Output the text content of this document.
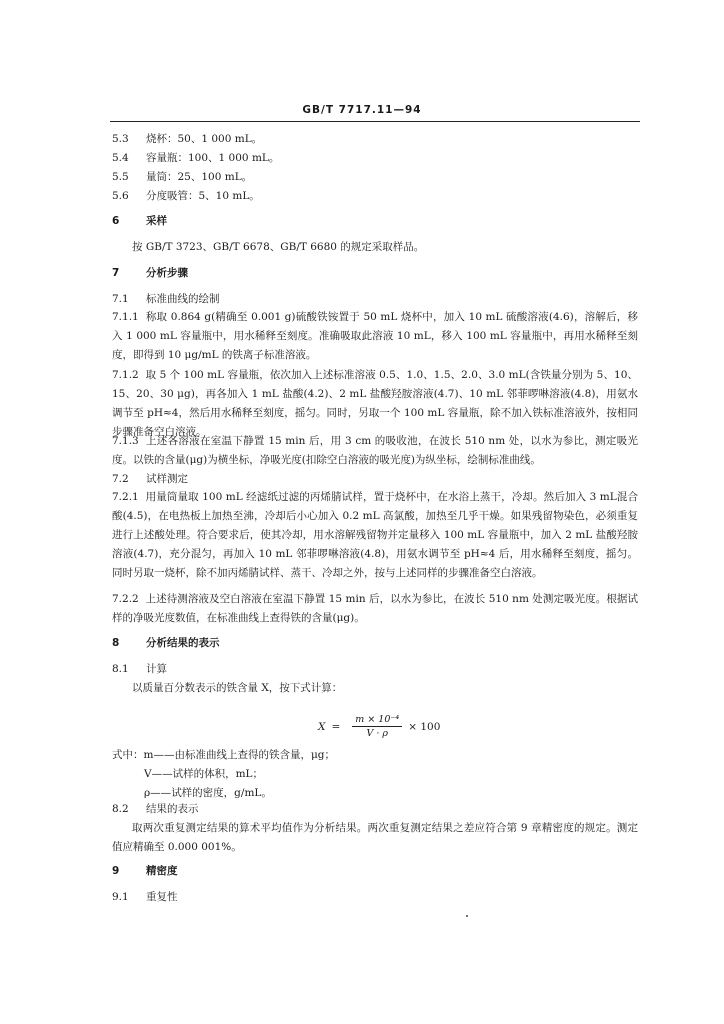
GB/T 7717.11—94
5.3 烧杯：50、1 000 mL。
5.4 容量瓶：100、1 000 mL。
5.5 量筒：25、100 mL。
5.6 分度吸管：5、10 mL。
6	采样
按 GB/T 3723、GB/T 6678、GB/T 6680 的规定采取样品。
7	分析步骤
7.1 标准曲线的绘制
7.1.1 称取 0.864 g(精确至 0.001 g)硫酸铁铵置于 50 mL 烧杯中，加入 10 mL 硫酸溶液(4.6)，溶解后，移入 1 000 mL 容量瓶中，用水稀释至刻度。准确吸取此溶液 10 mL，移入 100 mL 容量瓶中，再用水稀释至刻度，即得到 10 μg/mL 的铁离子标准溶液。
7.1.2 取 5 个 100 mL 容量瓶，依次加入上述标准溶液 0.5、1.0、1.5、2.0、3.0 mL(含铁量分别为 5、10、15、20、30 μg)，再各加入 1 mL 盐酸(4.2)、2 mL 盐酸羟胺溶液(4.7)、10 mL 邻菲啰啉溶液(4.8)，用氨水调节至 pH≈4，然后用水稀释至刻度，摇匀。同时，另取一个 100 mL 容量瓶，除不加入铁标准溶液外，按相同步骤准备空白溶液。
7.1.3 上述各溶液在室温下静置 15 min 后，用 3 cm 的吸收池，在波长 510 nm 处，以水为参比，测定吸光度。以铁的含量(μg)为横坐标，净吸光度(扣除空白溶液的吸光度)为纵坐标，绘制标准曲线。
7.2 试样测定
7.2.1 用量筒量取 100 mL 经滤纸过滤的丙烯腈试样，置于烧杯中，在水浴上蒸干，冷却。然后加入 3 mL混合酸(4.5)，在电热板上加热至沸，冷却后小心加入 0.2 mL 高氯酸，加热至几乎干燥。如果残留物染色，必须重复进行上述酸处理。符合要求后，使其冷却，用水溶解残留物并定量移入 100 mL 容量瓶中，加入 2 mL 盐酸羟胺溶液(4.7)，充分混匀，再加入 10 mL 邻菲啰啉溶液(4.8)，用氨水调节至 pH≈4 后，用水稀释至刻度，摇匀。同时另取一烧杯，除不加丙烯腈试样、蒸干、冷却之外，按与上述同样的步骤准备空白溶液。
7.2.2 上述待测溶液及空白溶液在室温下静置 15 min 后，以水为参比，在波长 510 nm 处测定吸光度。根据试样的净吸光度数值，在标准曲线上查得铁的含量(μg)。
8	分析结果的表示
8.1 计算
以质量百分数表示的铁含量 X，按下式计算：
$X = \frac{\text{m × 10⁻⁴}}{V \cdot \rho} \times 100$
式中：m——由标准曲线上查得的铁含量，μg；
V——试样的体积，mL；
ρ——试样的密度，g/mL。
8.2 结果的表示
取两次重复测定结果的算术平均值作为分析结果。两次重复测定结果之差应符合第 9 章精密度的规定。测定值应精确至 0.000 001%。
9	精密度
9.1 重复性
